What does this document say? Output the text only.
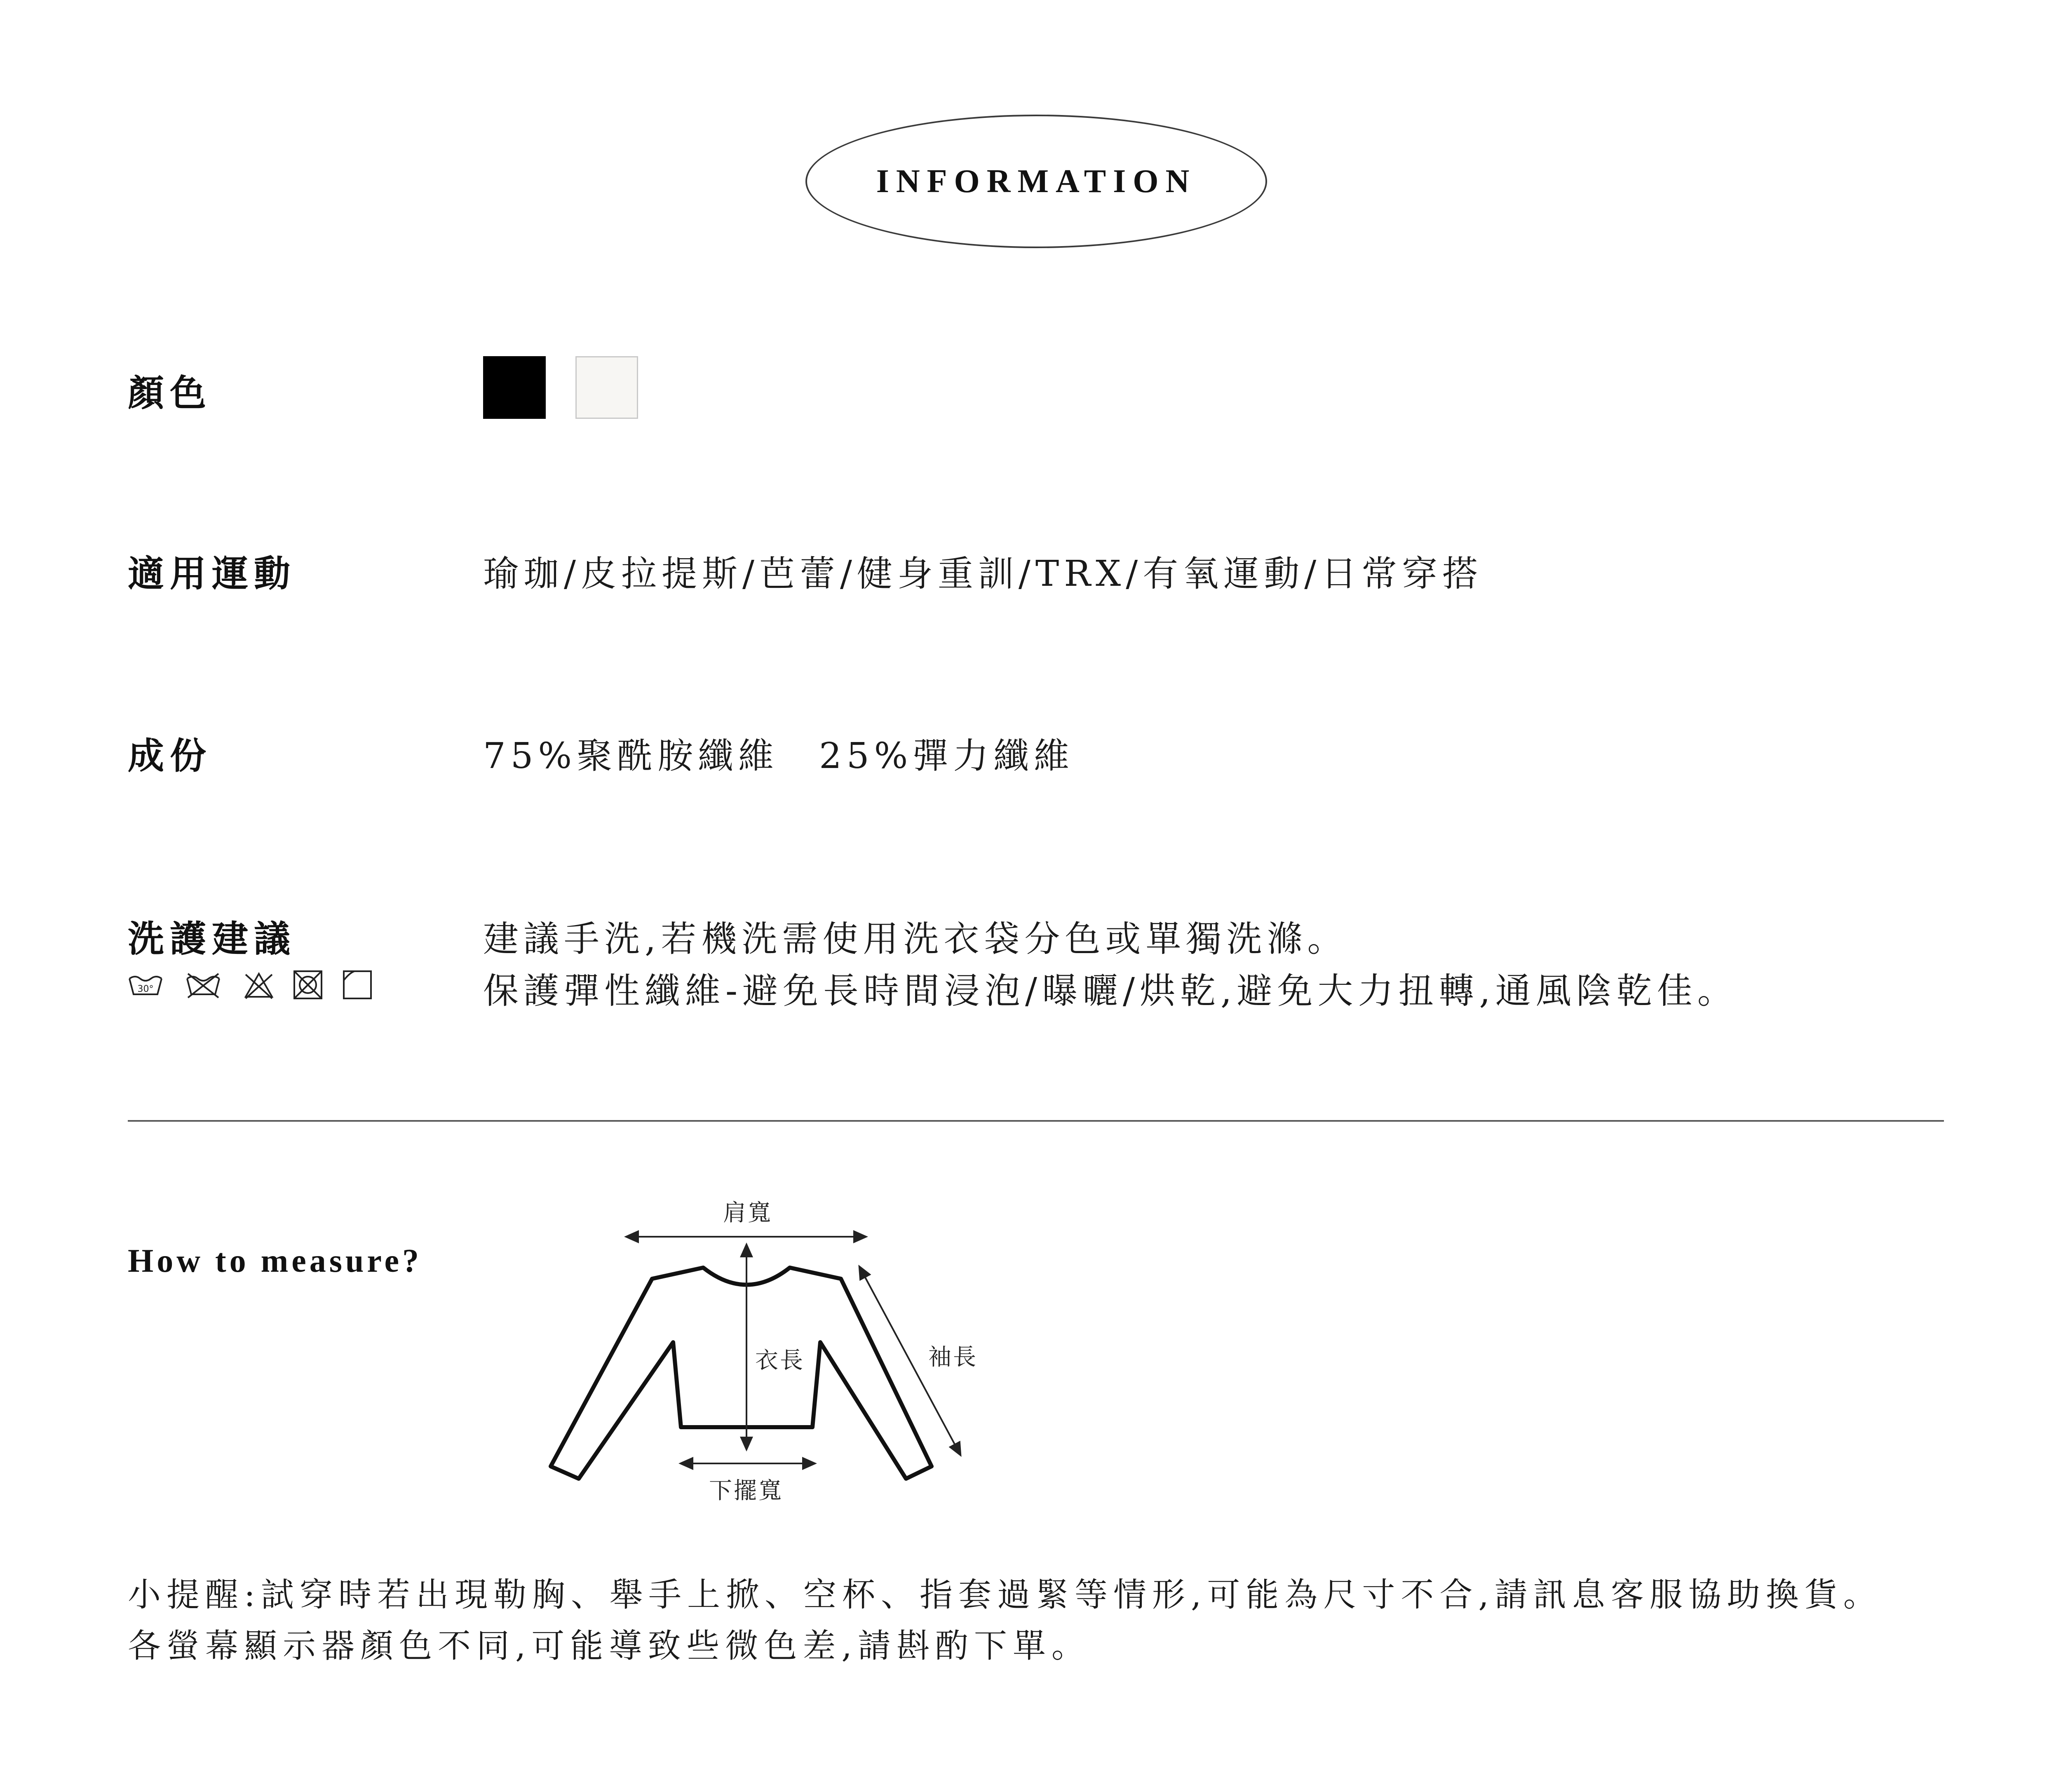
INFORMATION
顏色
適用運動	瑜珈/皮拉提斯/芭蕾/健身重訓/TRX/有氧運動/日常穿搭
成份	75%聚酰胺纖維　25%彈力纖維
洗護建議	建議手洗,若機洗需使用洗衣袋分色或單獨洗滌。
保護彈性纖維-避免長時間浸泡/曝曬/烘乾,避免大力扭轉,通風陰乾佳。
30°
How to measure?
肩寬
衣長	袖長
下擺寬
小提醒:試穿時若出現勒胸、舉手上掀、空杯、指套過緊等情形,可能為尺寸不合,請訊息客服協助換貨。
各螢幕顯示器顏色不同,可能導致些微色差,請斟酌下單。
